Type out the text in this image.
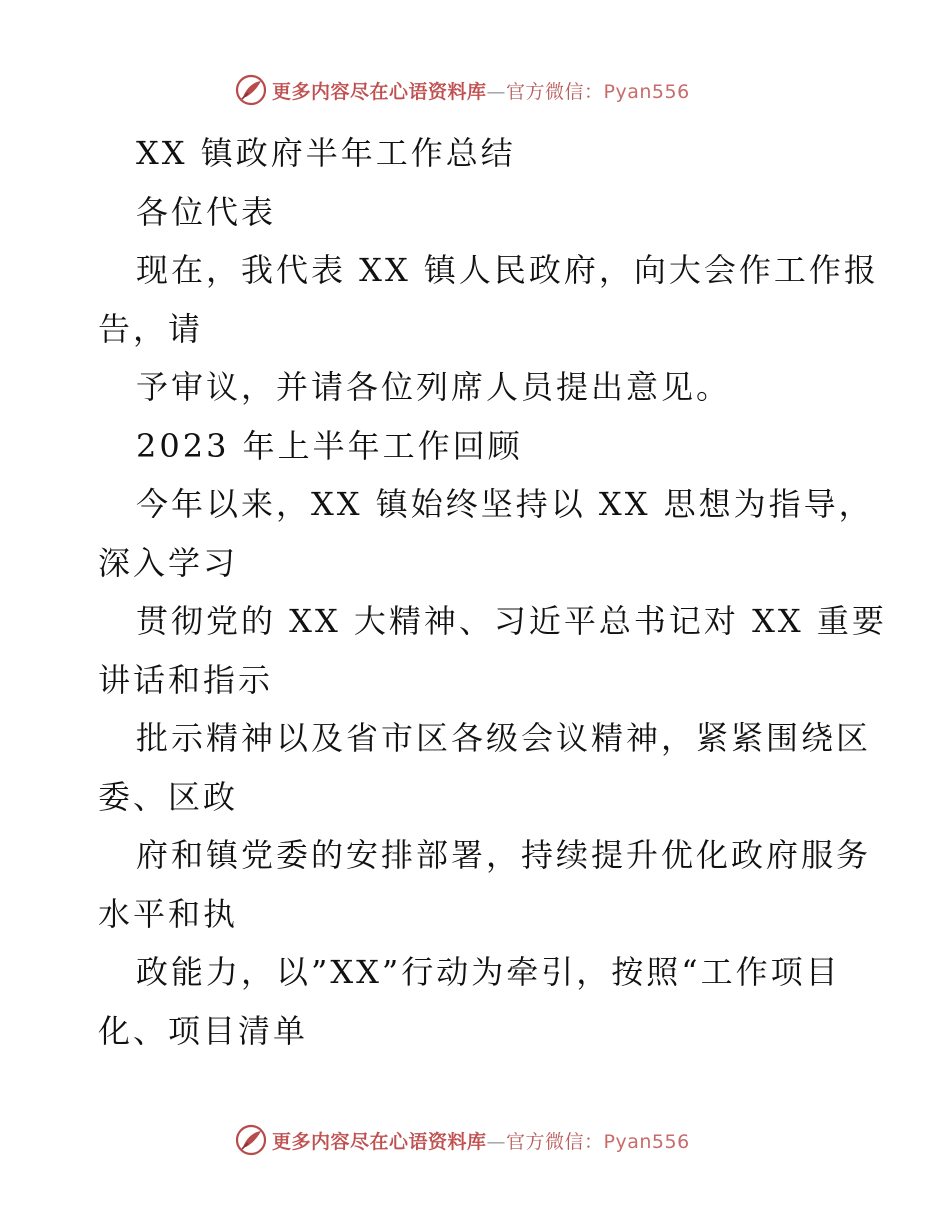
更多内容尽在心语资料库—官方微信：Pyan556
XX 镇政府半年工作总结
各位代表
现在，我代表 XX 镇人民政府，向大会作工作报
告，请
予审议，并请各位列席人员提出意见。
2023 年上半年工作回顾
今年以来，XX 镇始终坚持以 XX 思想为指导，
深入学习
贯彻党的 XX 大精神、习近平总书记对 XX 重要
讲话和指示
批示精神以及省市区各级会议精神，紧紧围绕区
委、区政
府和镇党委的安排部署，持续提升优化政府服务
水平和执
政能力，以”XX”行动为牵引，按照“工作项目
化、项目清单
更多内容尽在心语资料库—官方微信：Pyan556
